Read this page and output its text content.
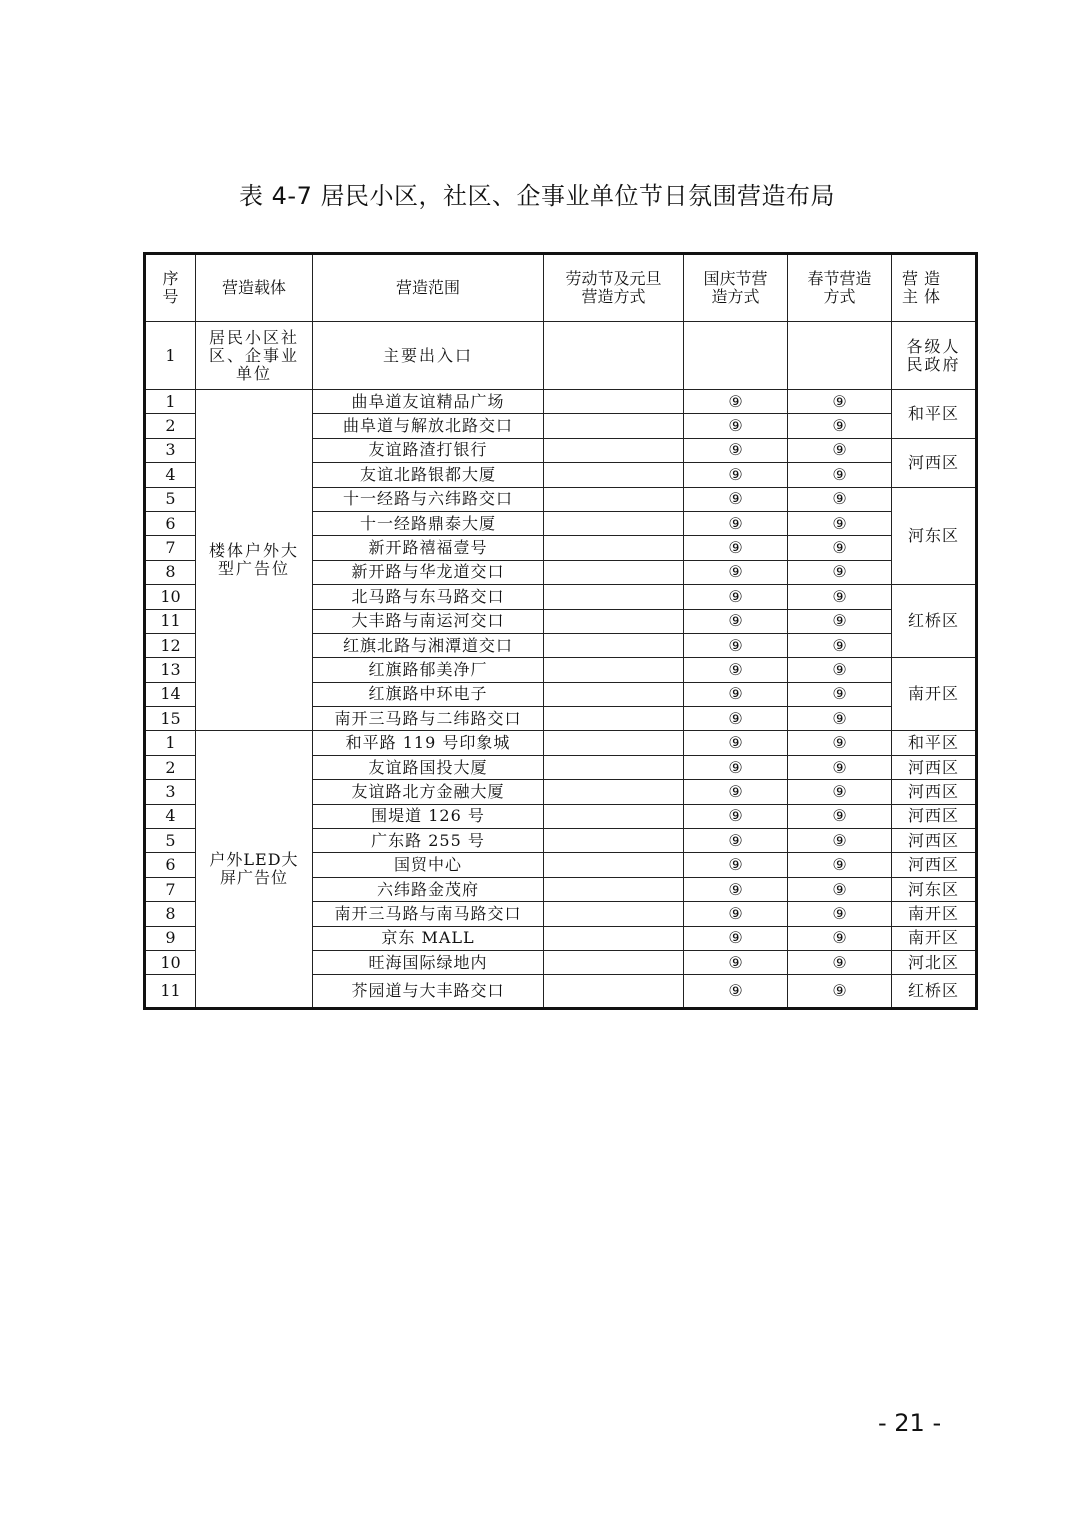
表 4-7 居民小区，社区、企事业单位节日氛围营造布局
序号	营造载体	营造范围	劳动节及元旦营造方式	国庆节营造方式	春节营造方式	营造主体
1	居民小区社区、企事业单位	主要出入口				各级人民政府
1	楼体户外大型广告位	曲阜道友谊精品广场		⑨	⑨	和平区
2		曲阜道与解放北路交口		⑨	⑨	
3		友谊路渣打银行		⑨	⑨	河西区
4		友谊北路银都大厦		⑨	⑨	
5		十一经路与六纬路交口		⑨	⑨	河东区
6		十一经路鼎泰大厦		⑨	⑨	
7		新开路禧福壹号		⑨	⑨	
8		新开路与华龙道交口		⑨	⑨	
10		北马路与东马路交口		⑨	⑨	红桥区
11		大丰路与南运河交口		⑨	⑨	
12		红旗北路与湘潭道交口		⑨	⑨	
13		红旗路郁美净厂		⑨	⑨	南开区
14		红旗路中环电子		⑨	⑨	
15		南开三马路与二纬路交口		⑨	⑨	
1	户外LED大屏广告位	和平路 119 号印象城		⑨	⑨	和平区
2		友谊路国投大厦		⑨	⑨	河西区
3		友谊路北方金融大厦		⑨	⑨	河西区
4		围堤道 126 号		⑨	⑨	河西区
5		广东路 255 号		⑨	⑨	河西区
6		国贸中心		⑨	⑨	河西区
7		六纬路金茂府		⑨	⑨	河东区
8		南开三马路与南马路交口		⑨	⑨	南开区
9		京东 MALL		⑨	⑨	南开区
10		旺海国际绿地内		⑨	⑨	河北区
11		芥园道与大丰路交口		⑨	⑨	红桥区
- 21 -
